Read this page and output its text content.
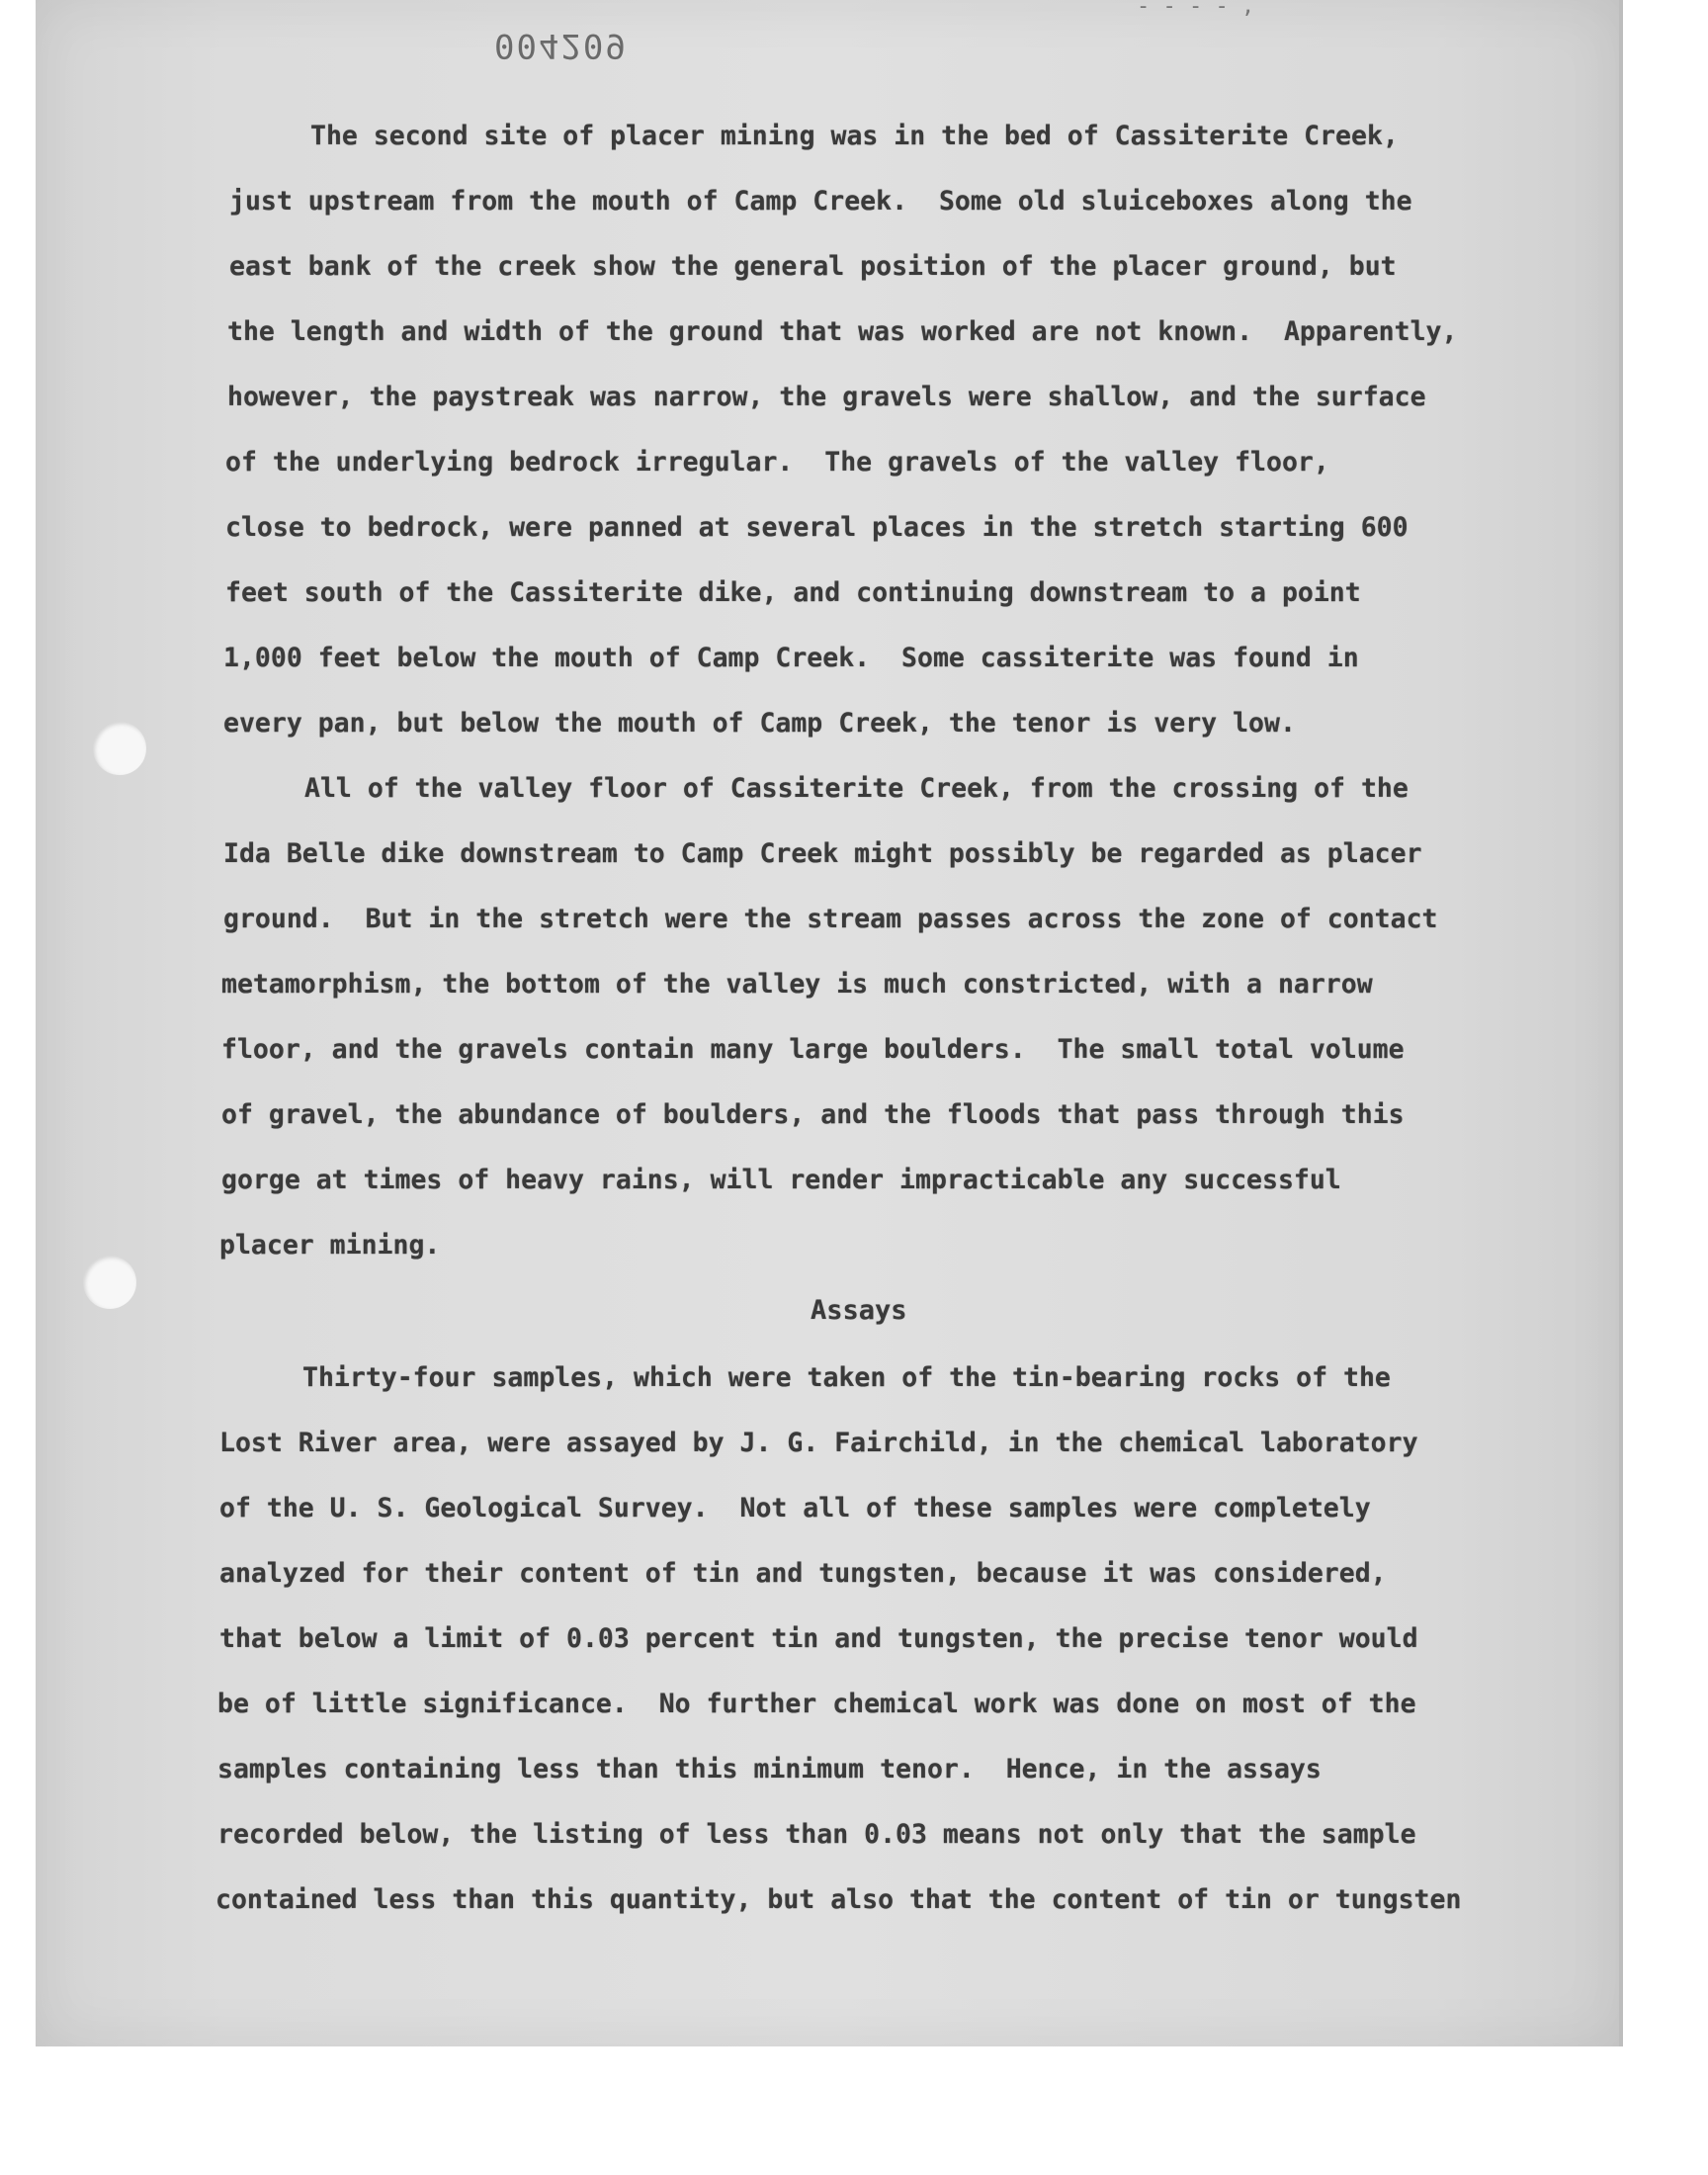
004209
- - - - ,
The second site of placer mining was in the bed of Cassiterite Creek,
just upstream from the mouth of Camp Creek.  Some old sluiceboxes along the
east bank of the creek show the general position of the placer ground, but
the length and width of the ground that was worked are not known.  Apparently,
however, the paystreak was narrow, the gravels were shallow, and the surface
of the underlying bedrock irregular.  The gravels of the valley floor,
close to bedrock, were panned at several places in the stretch starting 600
feet south of the Cassiterite dike, and continuing downstream to a point
1,000 feet below the mouth of Camp Creek.  Some cassiterite was found in
every pan, but below the mouth of Camp Creek, the tenor is very low.
All of the valley floor of Cassiterite Creek, from the crossing of the
Ida Belle dike downstream to Camp Creek might possibly be regarded as placer
ground.  But in the stretch were the stream passes across the zone of contact
metamorphism, the bottom of the valley is much constricted, with a narrow
floor, and the gravels contain many large boulders.  The small total volume
of gravel, the abundance of boulders, and the floods that pass through this
gorge at times of heavy rains, will render impracticable any successful
placer mining.
Assays
Thirty-four samples, which were taken of the tin-bearing rocks of the
Lost River area, were assayed by J. G. Fairchild, in the chemical laboratory
of the U. S. Geological Survey.  Not all of these samples were completely
analyzed for their content of tin and tungsten, because it was considered,
that below a limit of 0.03 percent tin and tungsten, the precise tenor would
be of little significance.  No further chemical work was done on most of the
samples containing less than this minimum tenor.  Hence, in the assays
recorded below, the listing of less than 0.03 means not only that the sample
contained less than this quantity, but also that the content of tin or tungsten
